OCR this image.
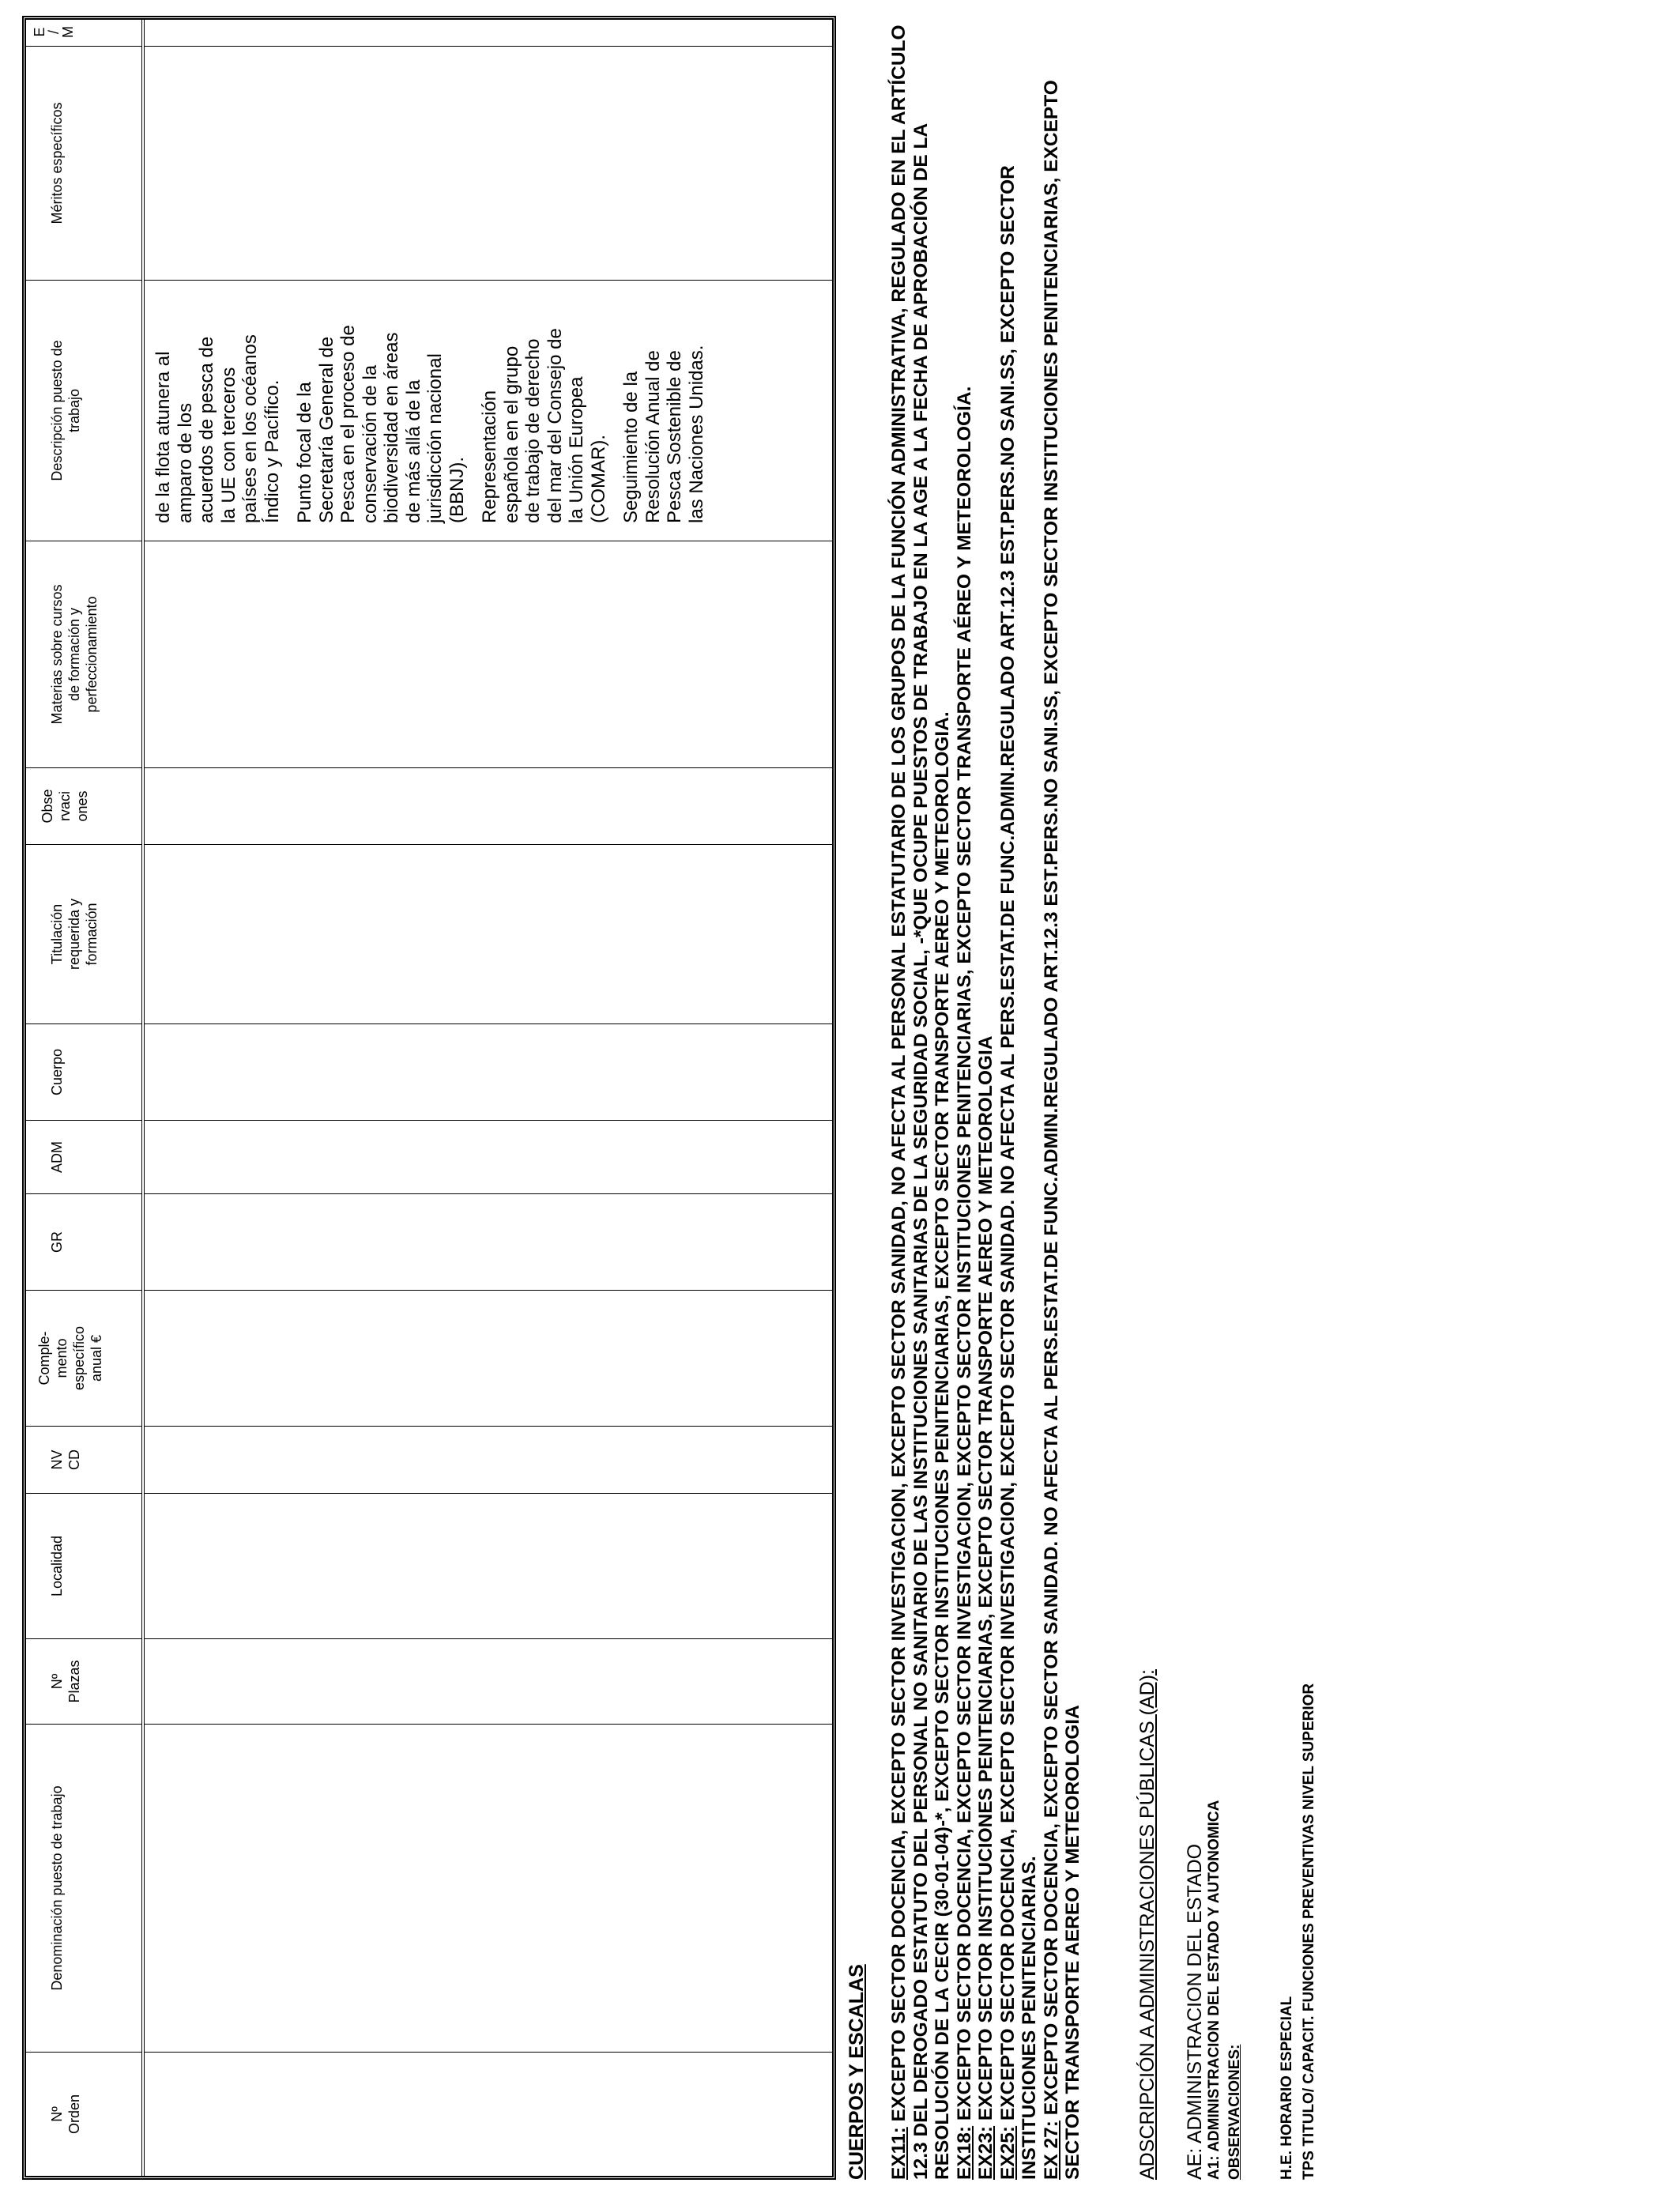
Nº
Orden
Denominación puesto de trabajo
Nº
Plazas
Localidad
NV
CD
Comple-
mento
específico
anual €
GR
ADM
Cuerpo
Titulación
requerida y
formación
Obse
rvaci
ones
Materias sobre cursos
de formación y
perfeccionamiento
Descripción puesto de
trabajo
Méritos específicos
E
/
M

de la flota atunera al
amparo de los
acuerdos de pesca de
la UE con terceros
países en los océanos
Índico y Pacífico.

Punto focal de la
Secretaría General de
Pesca en el proceso de
conservación de la
biodiversidad en áreas
de más allá de la
jurisdicción nacional
(BBNJ). Representación
española en el grupo
de trabajo de derecho
del mar del Consejo de
la Unión Europea
(COMAR). Seguimiento de la
Resolución Anual de
Pesca Sostenible de
las Naciones Unidas.

CUERPOS Y ESCALAS EX11: EXCEPTO SECTOR DOCENCIA, EXCEPTO SECTOR INVESTIGACION, EXCEPTO SECTOR SANIDAD, NO AFECTA AL PERSONAL ESTATUTARIO DE LOS GRUPOS DE LA FUNCIÓN ADMINISTRATIVA, REGULADO EN EL ARTÍCULO 12.3 DEL DEROGADO ESTATUTO DEL PERSONAL NO SANITARIO DE LAS INSTITUCIONES SANITARIAS DE LA SEGURIDAD SOCIAL, -*QUE OCUPE PUESTOS DE TRABAJO EN LA AGE A LA FECHA DE APROBACIÓN DE LA RESOLUCIÓN DE LA CECIR (30-01-04)-*, EXCEPTO SECTOR INSTITUCIONES PENITENCIARIAS, EXCEPTO SECTOR TRANSPORTE AEREO Y METEOROLOGIA. EX18: EXCEPTO SECTOR DOCENCIA, EXCEPTO SECTOR INVESTIGACION, EXCEPTO SECTOR INSTITUCIONES PENITENCIARIAS, EXCEPTO SECTOR TRANSPORTE AÉREO Y METEOROLOGÍA.

EX23: EXCEPTO SECTOR INSTITUCIONES PENITENCIARIAS, EXCEPTO SECTOR TRANSPORTE AEREO Y METEOROLOGIA

EX25: EXCEPTO SECTOR DOCENCIA, EXCEPTO SECTOR INVESTIGACION, EXCEPTO SECTOR SANIDAD. NO AFECTA AL PERS.ESTAT.DE FUNC.ADMIN.REGULADO ART.12.3 EST.PERS.NO SANI.SS, EXCEPTO SECTOR INSTITUCIONES PENITENCIARIAS. EX 27: EXCEPTO SECTOR DOCENCIA, EXCEPTO SECTOR SANIDAD. NO AFECTA AL PERS.ESTAT.DE FUNC.ADMIN.REGULADO ART.12.3 EST.PERS.NO SANI.SS, EXCEPTO SECTOR INSTITUCIONES PENITENCIARIAS, EXCEPTO SECTOR TRANSPORTE AEREO Y METEOROLOGIA	ADSCRIPCIÓN A ADMINISTRACIONES PÚBLICAS (AD): AE: ADMINISTRACION DEL ESTADO A1: ADMINISTRACION DEL ESTADO Y AUTONOMICA OBSERVACIONES: H.E. HORARIO ESPECIAL TPS TITULO/ CAPACIT. FUNCIONES PREVENTIVAS NIVEL SUPERIOR
